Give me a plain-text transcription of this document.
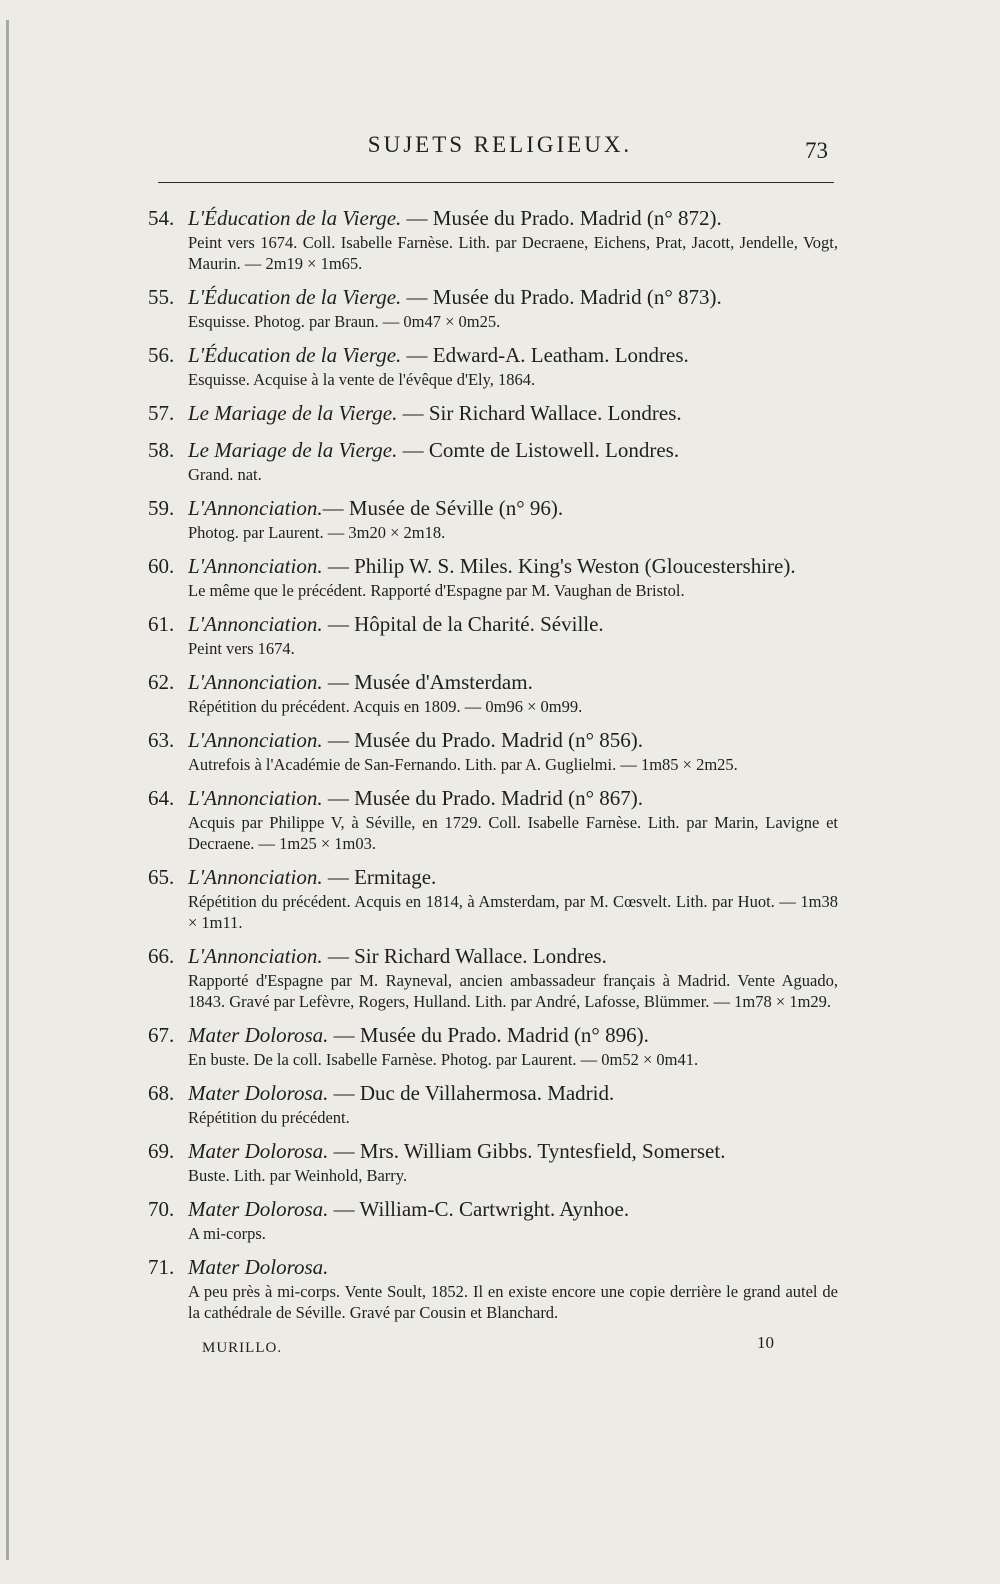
SUJETS RELIGIEUX.	73
54. L'Éducation de la Vierge. — Musée du Prado. Madrid (n° 872).
Peint vers 1674. Coll. Isabelle Farnèse. Lith. par Decraene, Eichens, Prat, Jacott, Jendelle, Vogt, Maurin. — 2m19 × 1m65.
55. L'Éducation de la Vierge. — Musée du Prado. Madrid (n° 873).
Esquisse. Photog. par Braun. — 0m47 × 0m25.
56. L'Éducation de la Vierge. — Edward-A. Leatham. Londres.
Esquisse. Acquise à la vente de l'évêque d'Ely, 1864.
57. Le Mariage de la Vierge. — Sir Richard Wallace. Londres.
58. Le Mariage de la Vierge. — Comte de Listowell. Londres.
Grand. nat.
59. L'Annonciation.— Musée de Séville (n° 96).
Photog. par Laurent. — 3m20 × 2m18.
60. L'Annonciation. — Philip W. S. Miles. King's Weston (Gloucestershire).
Le même que le précédent. Rapporté d'Espagne par M. Vaughan de Bristol.
61. L'Annonciation. — Hôpital de la Charité. Séville.
Peint vers 1674.
62. L'Annonciation. — Musée d'Amsterdam.
Répétition du précédent. Acquis en 1809. — 0m96 × 0m99.
63. L'Annonciation. — Musée du Prado. Madrid (n° 856).
Autrefois à l'Académie de San-Fernando. Lith. par A. Guglielmi. — 1m85 × 2m25.
64. L'Annonciation. — Musée du Prado. Madrid (n° 867).
Acquis par Philippe V, à Séville, en 1729. Coll. Isabelle Farnèse. Lith. par Marin, Lavigne et Decraene. — 1m25 × 1m03.
65. L'Annonciation. — Ermitage.
Répétition du précédent. Acquis en 1814, à Amsterdam, par M. Cœsvelt. Lith. par Huot. — 1m38 × 1m11.
66. L'Annonciation. — Sir Richard Wallace. Londres.
Rapporté d'Espagne par M. Rayneval, ancien ambassadeur français à Madrid. Vente Aguado, 1843. Gravé par Lefèvre, Rogers, Hulland. Lith. par André, Lafosse, Blümmer. — 1m78 × 1m29.
67. Mater Dolorosa. — Musée du Prado. Madrid (n° 896).
En buste. De la coll. Isabelle Farnèse. Photog. par Laurent. — 0m52 × 0m41.
68. Mater Dolorosa. — Duc de Villahermosa. Madrid.
Répétition du précédent.
69. Mater Dolorosa. — Mrs. William Gibbs. Tyntesfield, Somerset.
Buste. Lith. par Weinhold, Barry.
70. Mater Dolorosa. — William-C. Cartwright. Aynhoe.
A mi-corps.
71. Mater Dolorosa.
A peu près à mi-corps. Vente Soult, 1852. Il en existe encore une copie derrière le grand autel de la cathédrale de Séville. Gravé par Cousin et Blanchard.
MURILLO.	10
